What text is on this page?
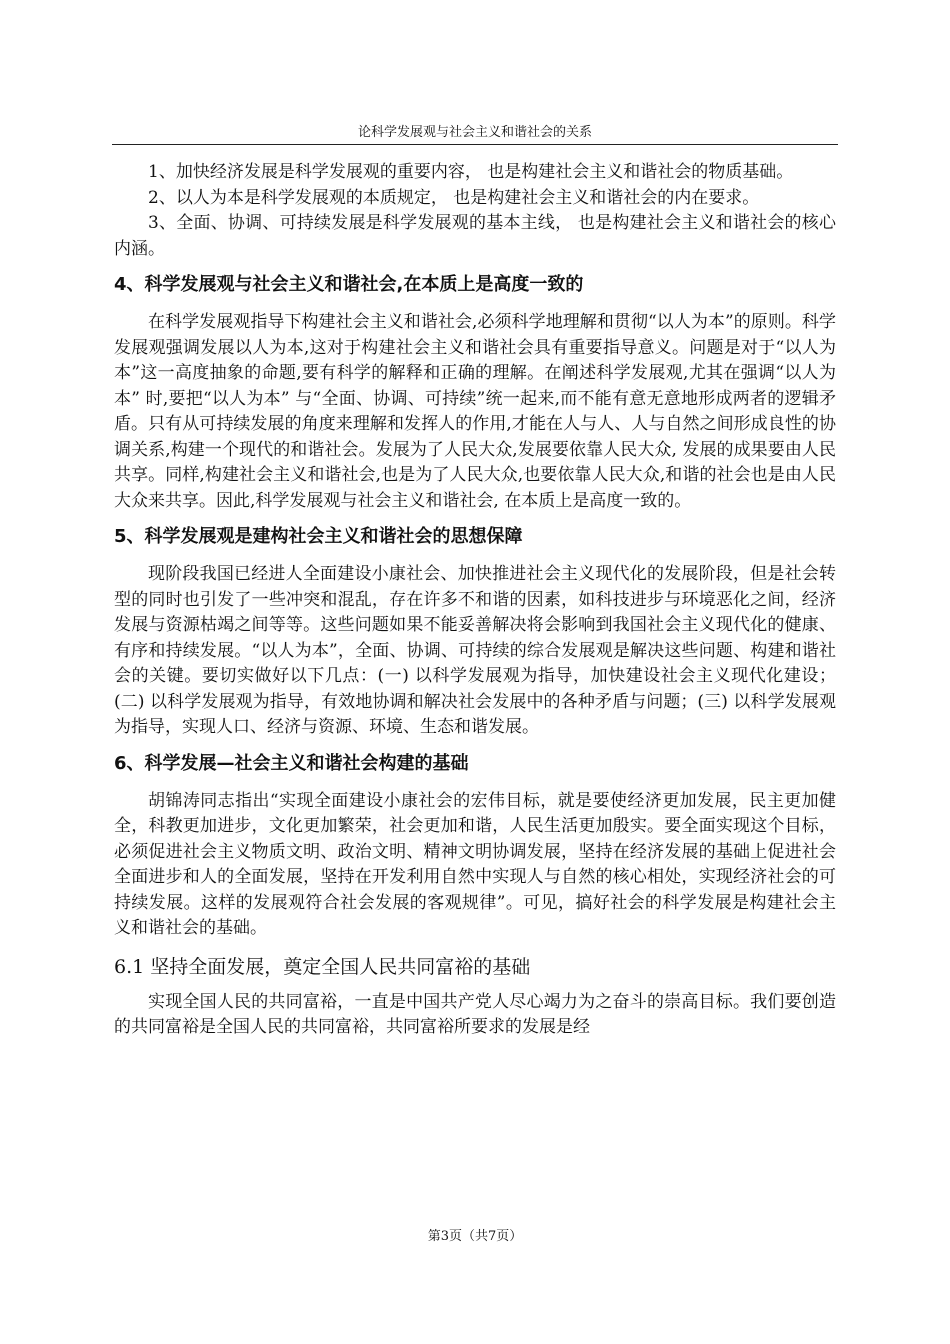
论科学发展观与社会主义和谐社会的关系

1、加快经济发展是科学发展观的重要内容， 也是构建社会主义和谐社会的物质基础。

2、以人为本是科学发展观的本质规定， 也是构建社会主义和谐社会的内在要求。

3、全面、协调、可持续发展是科学发展观的基本主线， 也是构建社会主义和谐社会的核心内涵。

4、科学发展观与社会主义和谐社会,在本质上是高度一致的

在科学发展观指导下构建社会主义和谐社会,必须科学地理解和贯彻“以人为本”的原则。科学发展观强调发展以人为本,这对于构建社会主义和谐社会具有重要指导意义。问题是对于“以人为本”这一高度抽象的命题,要有科学的解释和正确的理解。在阐述科学发展观,尤其在强调“以人为本” 时,要把“以人为本” 与“全面、协调、可持续”统一起来,而不能有意无意地形成两者的逻辑矛盾。只有从可持续发展的角度来理解和发挥人的作用,才能在人与人、人与自然之间形成良性的协调关系,构建一个现代的和谐社会。发展为了人民大众,发展要依靠人民大众, 发展的成果要由人民共享。同样,构建社会主义和谐社会,也是为了人民大众,也要依靠人民大众,和谐的社会也是由人民大众来共享。因此,科学发展观与社会主义和谐社会, 在本质上是高度一致的。

5、科学发展观是建构社会主义和谐社会的思想保障

现阶段我国已经进人全面建设小康社会、加快推进社会主义现代化的发展阶段，但是社会转型的同时也引发了一些冲突和混乱，存在许多不和谐的因素，如科技进步与环境恶化之间，经济发展与资源枯竭之间等等。这些问题如果不能妥善解决将会影响到我国社会主义现代化的健康、有序和持续发展。“以人为本”，全面、协调、可持续的综合发展观是解决这些问题、构建和谐社会的关键。要切实做好以下几点：(一) 以科学发展观为指导，加快建设社会主义现代化建设；(二) 以科学发展观为指导，有效地协调和解决社会发展中的各种矛盾与问题；(三) 以科学发展观为指导，实现人口、经济与资源、环境、生态和谐发展。

6、科学发展—社会主义和谐社会构建的基础

胡锦涛同志指出“实现全面建设小康社会的宏伟目标，就是要使经济更加发展，民主更加健全，科教更加进步，文化更加繁荣，社会更加和谐，人民生活更加殷实。要全面实现这个目标，必须促进社会主义物质文明、政治文明、精神文明协调发展，坚持在经济发展的基础上促进社会全面进步和人的全面发展，坚持在开发利用自然中实现人与自然的核心相处，实现经济社会的可持续发展。这样的发展观符合社会发展的客观规律”。可见，搞好社会的科学发展是构建社会主义和谐社会的基础。

6.1 坚持全面发展，奠定全国人民共同富裕的基础

实现全国人民的共同富裕，一直是中国共产党人尽心竭力为之奋斗的崇高目标。我们要创造的共同富裕是全国人民的共同富裕，共同富裕所要求的发展是经

第3页（共7页）
